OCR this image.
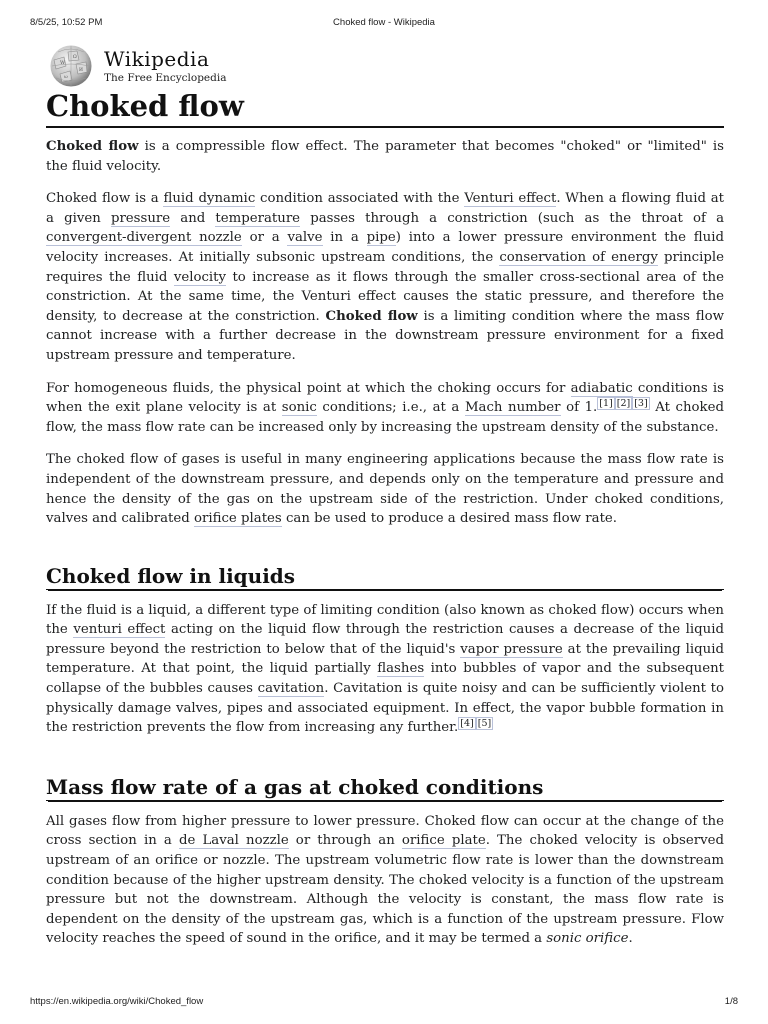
8/5/25, 10:52 PM	Choked flow - Wikipedia
W
Ω
И
ω
Wikipedia
The Free Encyclopedia
Choked flow

Choked flow is a compressible flow effect. The parameter that becomes "choked" or "limited" is the fluid velocity.

Choked flow is a fluid dynamic condition associated with the Venturi effect. When a flowing fluid at a given pressure and temperature passes through a constriction (such as the throat of a convergent-divergent nozzle or a valve in a pipe) into a lower pressure environment the fluid velocity increases. At initially subsonic upstream conditions, the conservation of energy principle requires the fluid velocity to increase as it flows through the smaller cross-sectional area of the constriction. At the same time, the Venturi effect causes the static pressure, and therefore the density, to decrease at the constriction. Choked flow is a limiting condition where the mass flow cannot increase with a further decrease in the downstream pressure environment for a fixed upstream pressure and temperature.

For homogeneous fluids, the physical point at which the choking occurs for adiabatic conditions is when the exit plane velocity is at sonic conditions; i.e., at a Mach number of 1. [1] [2] [3] At choked flow, the mass flow rate can be increased only by increasing the upstream density of the substance.

The choked flow of gases is useful in many engineering applications because the mass flow rate is independent of the downstream pressure, and depends only on the temperature and pressure and hence the density of the gas on the upstream side of the restriction. Under choked conditions, valves and calibrated orifice plates can be used to produce a desired mass flow rate.

Choked flow in liquids

If the fluid is a liquid, a different type of limiting condition (also known as choked flow) occurs when the venturi effect acting on the liquid flow through the restriction causes a decrease of the liquid pressure beyond the restriction to below that of the liquid's vapor pressure at the prevailing liquid temperature. At that point, the liquid partially flashes into bubbles of vapor and the subsequent collapse of the bubbles causes cavitation. Cavitation is quite noisy and can be sufficiently violent to physically damage valves, pipes and associated equipment. In effect, the vapor bubble formation in the restriction prevents the flow from increasing any further. [4] [5]

Mass flow rate of a gas at choked conditions

All gases flow from higher pressure to lower pressure. Choked flow can occur at the change of the cross section in a de Laval nozzle or through an orifice plate. The choked velocity is observed upstream of an orifice or nozzle. The upstream volumetric flow rate is lower than the downstream condition because of the higher upstream density. The choked velocity is a function of the upstream pressure but not the downstream. Although the velocity is constant, the mass flow rate is dependent on the density of the upstream gas, which is a function of the upstream pressure. Flow velocity reaches the speed of sound in the orifice, and it may be termed a sonic orifice.

https://en.wikipedia.org/wiki/Choked_flow	1/8
